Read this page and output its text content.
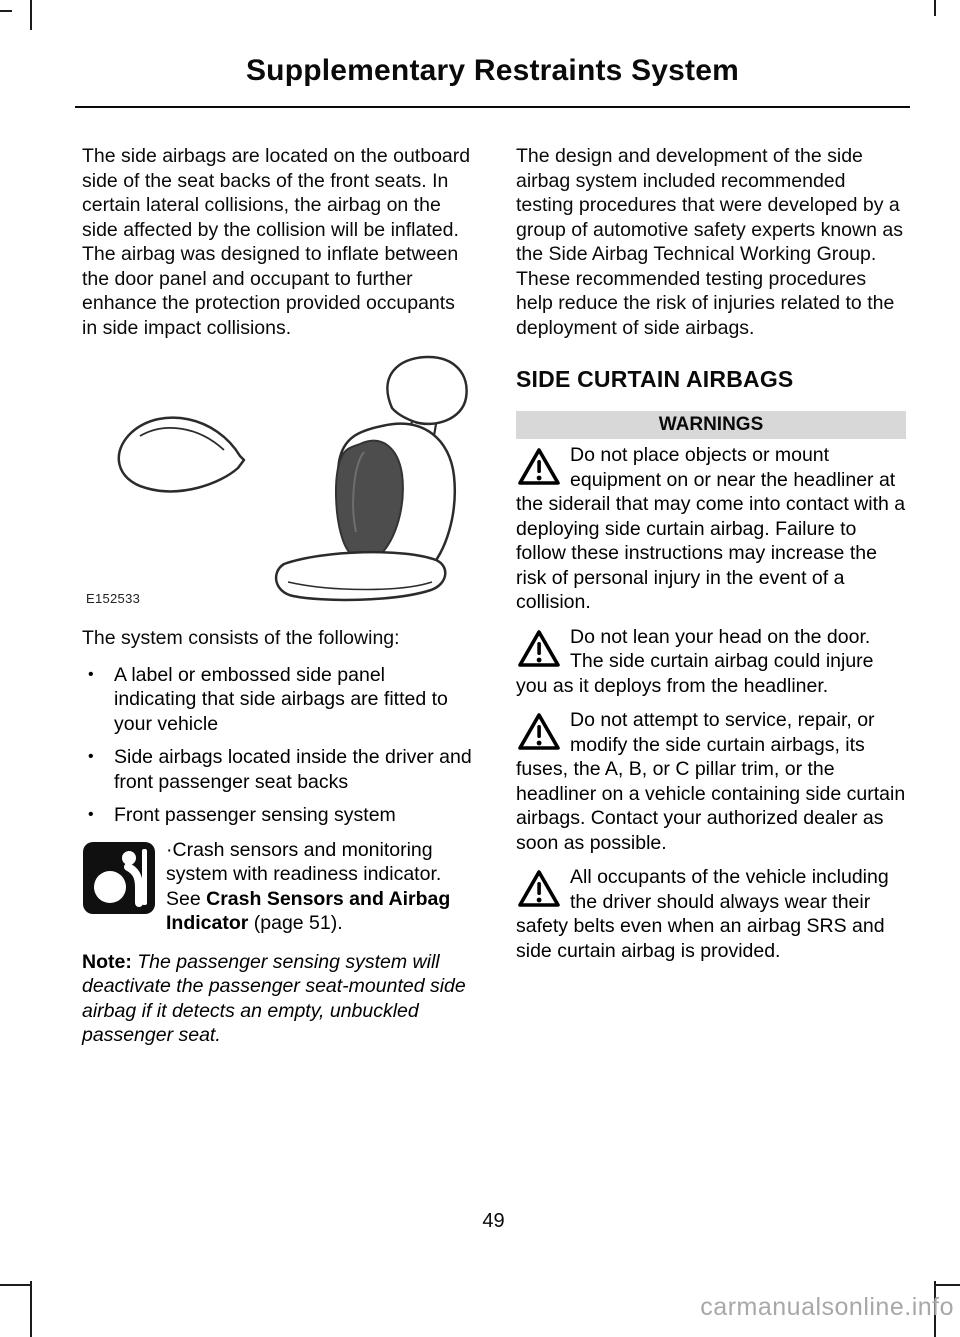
Supplementary Restraints System

The side airbags are located on the outboard side of the seat backs of the front seats. In certain lateral collisions, the airbag on the side affected by the collision will be inflated. The airbag was designed to inflate between the door panel and occupant to further enhance the protection provided occupants in side impact collisions.

E152533

The system consists of the following:

• A label or embossed side panel indicating that side airbags are fitted to your vehicle
• Side airbags located inside the driver and front passenger seat backs
• Front passenger sensing system
·Crash sensors and monitoring system with readiness indicator. See Crash Sensors and Airbag Indicator (page 51).
Note: The passenger sensing system will deactivate the passenger seat-mounted side airbag if it detects an empty, unbuckled passenger seat.

The design and development of the side airbag system included recommended testing procedures that were developed by a group of automotive safety experts known as the Side Airbag Technical Working Group. These recommended testing procedures help reduce the risk of injuries related to the deployment of side airbags.

SIDE CURTAIN AIRBAGS
WARNINGS
Do not place objects or mount equipment on or near the headliner at the siderail that may come into contact with a deploying side curtain airbag. Failure to follow these instructions may increase the risk of personal injury in the event of a collision.
Do not lean your head on the door. The side curtain airbag could injure you as it deploys from the headliner.
Do not attempt to service, repair, or modify the side curtain airbags, its fuses, the A, B, or C pillar trim, or the headliner on a vehicle containing side curtain airbags. Contact your authorized dealer as soon as possible.
All occupants of the vehicle including the driver should always wear their safety belts even when an airbag SRS and side curtain airbag is provided.
49
carmanualsonline.info
